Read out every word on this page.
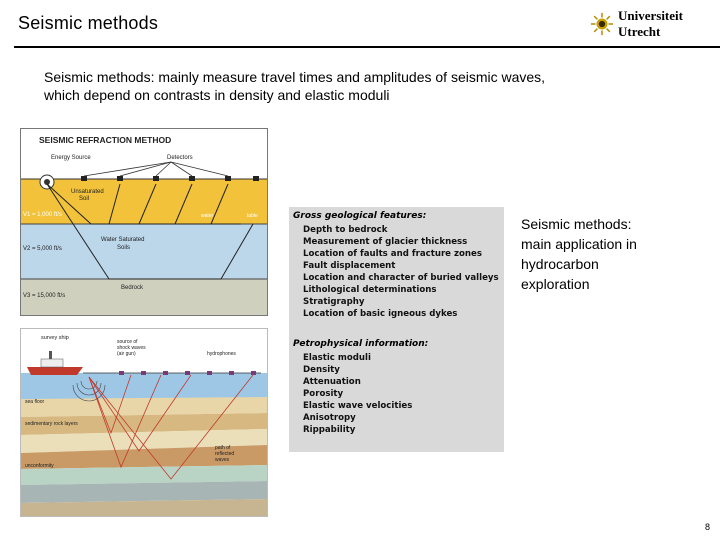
Seismic methods	Universiteit Utrecht
Seismic methods: mainly measure travel times and amplitudes of seismic waves,
which depend on contrasts in density and elastic moduli
SEISMIC REFRACTION METHOD
Energy Source	Detectors
Unsaturated
Soil
V1 = 1,000 ft/s	water	table
Water Saturated
Soils
V2 = 5,000 ft/s
Bedrock
V3 = 15,000 ft/s
survey ship
source of
shock waves
(air gun)	hydrophones
sea floor
sedimentary rock layers
unconformity
path of
reflected
waves
Gross geological features:
Depth to bedrock
Measurement of glacier thickness
Location of faults and fracture zones
Fault displacement
Location and character of buried valleys
Lithological determinations
Stratigraphy
Location of basic igneous dykes
Petrophysical information:
Elastic moduli
Density
Attenuation
Porosity
Elastic wave velocities
Anisotropy
Rippability
Seismic methods:
main application in
hydrocarbon
exploration
8
